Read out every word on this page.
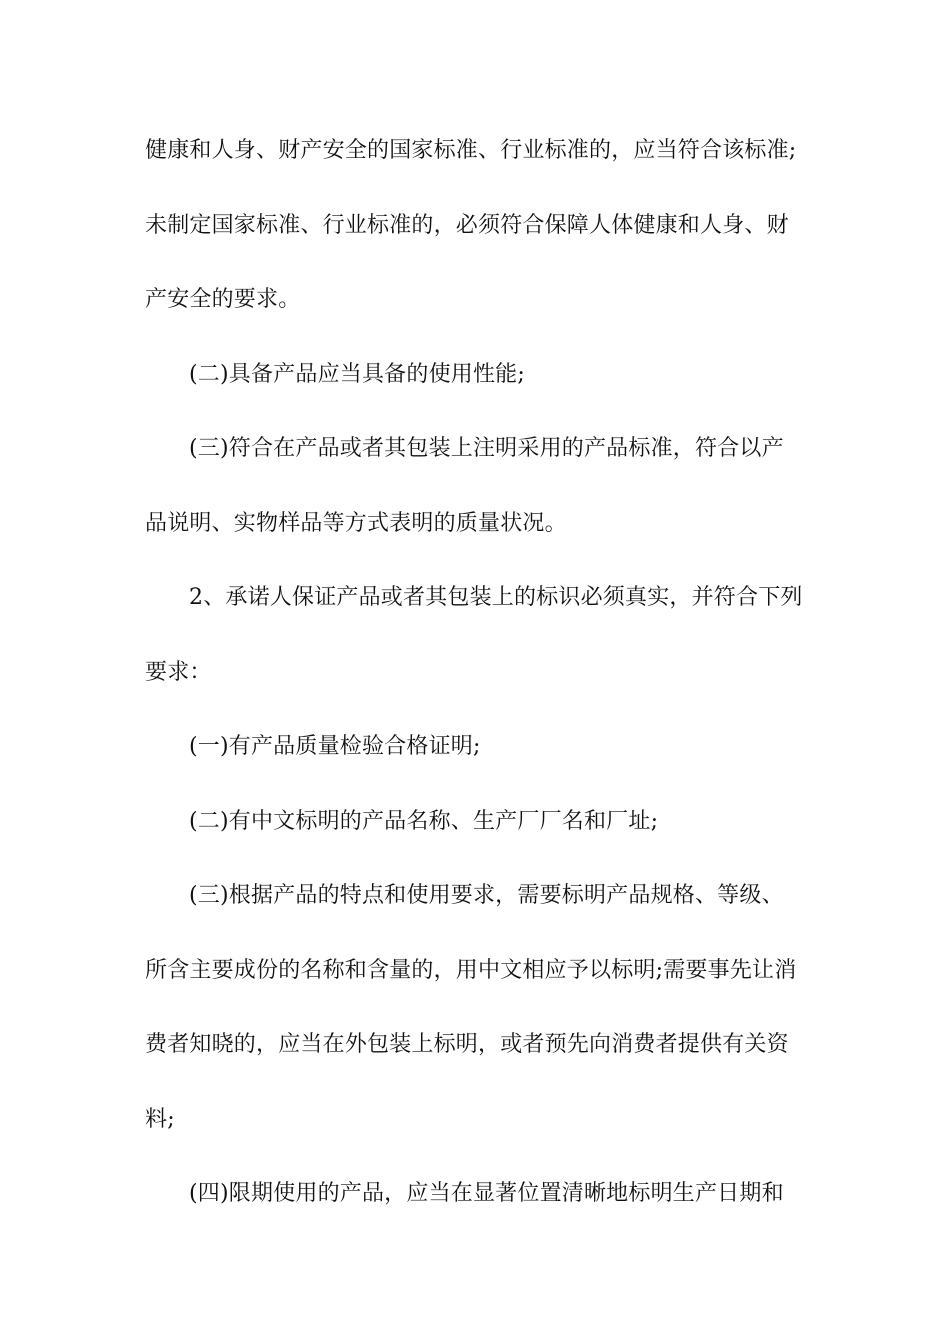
健康和人身、财产安全的国家标准、行业标准的，应当符合该标准;
未制定国家标准、行业标准的，必须符合保障人体健康和人身、财
产安全的要求。
(二)具备产品应当具备的使用性能;
(三)符合在产品或者其包装上注明采用的产品标准，符合以产
品说明、实物样品等方式表明的质量状况。
2、承诺人保证产品或者其包装上的标识必须真实，并符合下列
要求：
(一)有产品质量检验合格证明;
(二)有中文标明的产品名称、生产厂厂名和厂址;
(三)根据产品的特点和使用要求，需要标明产品规格、等级、
所含主要成份的名称和含量的，用中文相应予以标明;需要事先让消
费者知晓的，应当在外包装上标明，或者预先向消费者提供有关资
料;
(四)限期使用的产品，应当在显著位置清晰地标明生产日期和
